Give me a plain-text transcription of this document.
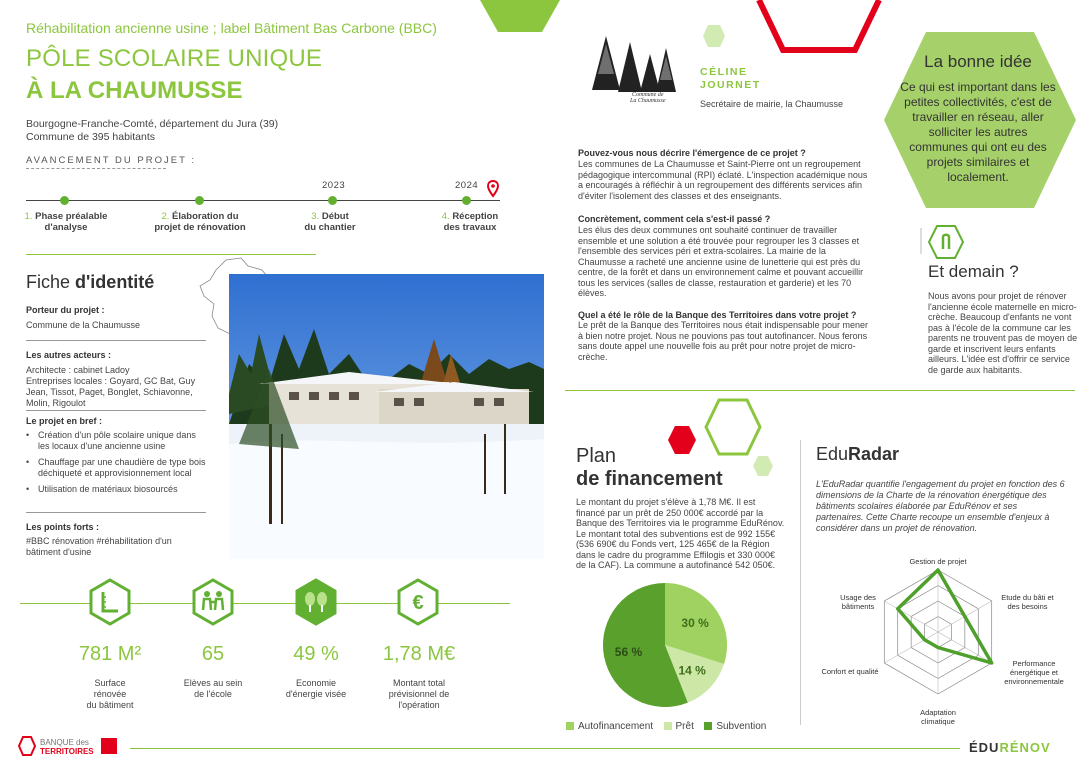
Réhabilitation ancienne usine ; label Bâtiment Bas Carbone (BBC)
PÔLE SCOLAIRE UNIQUE
À LA CHAUMUSSE
Bourgogne-Franche-Comté, département du Jura (39)
Commune de 395 habitants
AVANCEMENT DU PROJET :
2023	2024
1. Phase préalable
d'analyse
2. Élaboration du
projet de rénovation
3. Début
du chantier
4. Réception
des travaux
Fiche d'identité
Porteur du projet :
Commune de la Chaumusse
Les autres acteurs :
Architecte : cabinet Ladoy
Entreprises locales : Goyard, GC Bat, Guy
Jean, Tissot, Paget, Bonglet, Schiavonne,
Molin, Rigoulot
Le projet en bref :
• Création d'un pôle scolaire unique dans les locaux d'une ancienne usine
• Chauffage par une chaudière de type bois déchiqueté et approvisionnement local
• Utilisation de matériaux biosourcés
Les points forts :
#BBC rénovation #réhabilitation d'un
bâtiment d'usine
€
781 M²	65	49 %	1,78 M€
Surface
rénovée
du bâtiment
Elèves au sein
de l'école
Economie
d'énergie visée
Montant total
prévisionnel de
l'opération
Commune de
La Chaumusse
CÉLINE
JOURNET
Secrétaire de mairie, la Chaumusse
Pouvez-vous nous décrire l'émergence de ce projet ?
Les communes de La Chaumusse et Saint-Pierre ont un regroupement pédagogique intercommunal (RPI) éclaté. L'inspection académique nous a encouragés à réfléchir à un regroupement des différents services afin d'éviter l'isolement des classes et des enseignants.
Concrètement, comment cela s'est-il passé ?
Les élus des deux communes ont souhaité continuer de travailler ensemble et une solution a été trouvée pour regrouper les 3 classes et l'ensemble des services péri et extra-scolaires. La mairie de la Chaumusse a racheté une ancienne usine de lunetterie qui est près du centre, de la forêt et dans un environnement calme et pouvant accueillir tous les services (salles de classe, restauration et garderie) et les 70 élèves.
Quel a été le rôle de la Banque des Territoires dans votre projet ?
Le prêt de la Banque des Territoires nous était indispensable pour mener à bien notre projet. Nous ne pouvions pas tout autofinancer. Nous ferons sans doute appel une nouvelle fois au prêt pour notre projet de micro-crèche.
La bonne idée
Ce qui est important dans les petites collectivités, c'est de travailler en réseau, aller solliciter les autres communes qui ont eu des projets similaires et localement.
Et demain ?
Nous avons pour projet de rénover l'ancienne école maternelle en micro-crèche. Beaucoup d'enfants ne vont pas à l'école de la commune car les parents ne trouvent pas de moyen de garde et inscrivent leurs enfants ailleurs. L'idée est d'offrir ce service de garde aux habitants.
Plan
de financement
Le montant du projet s'élève à 1,78 M€. Il est financé par un prêt de 250 000€ accordé par la Banque des Territoires via le programme EduRénov. Le montant total des subventions est de 992 155€ (536 690€ du Fonds vert, 125 465€ de la Région dans le cadre du programme Effilogis et 330 000€ de la CAF). La commune a autofinancé 542 050€.
30 %
14 %
56 %
Autofinancement Prêt Subvention
EduRadar
L'EduRadar quantifie l'engagement du projet en fonction des 6 dimensions de la Charte de la rénovation énergétique des bâtiments scolaires élaborée par EduRénov et ses partenaires. Cette Charte recoupe un ensemble d'enjeux à considérer dans un projet de rénovation.
Gestion de projet
Etude du bâti et
des besoins
Performance
énergétique et
environnementale
Adaptation
climatique
Confort et qualité
Usage des
bâtiments
BANQUE des
TERRITOIRES	ÉDURÉNOV
